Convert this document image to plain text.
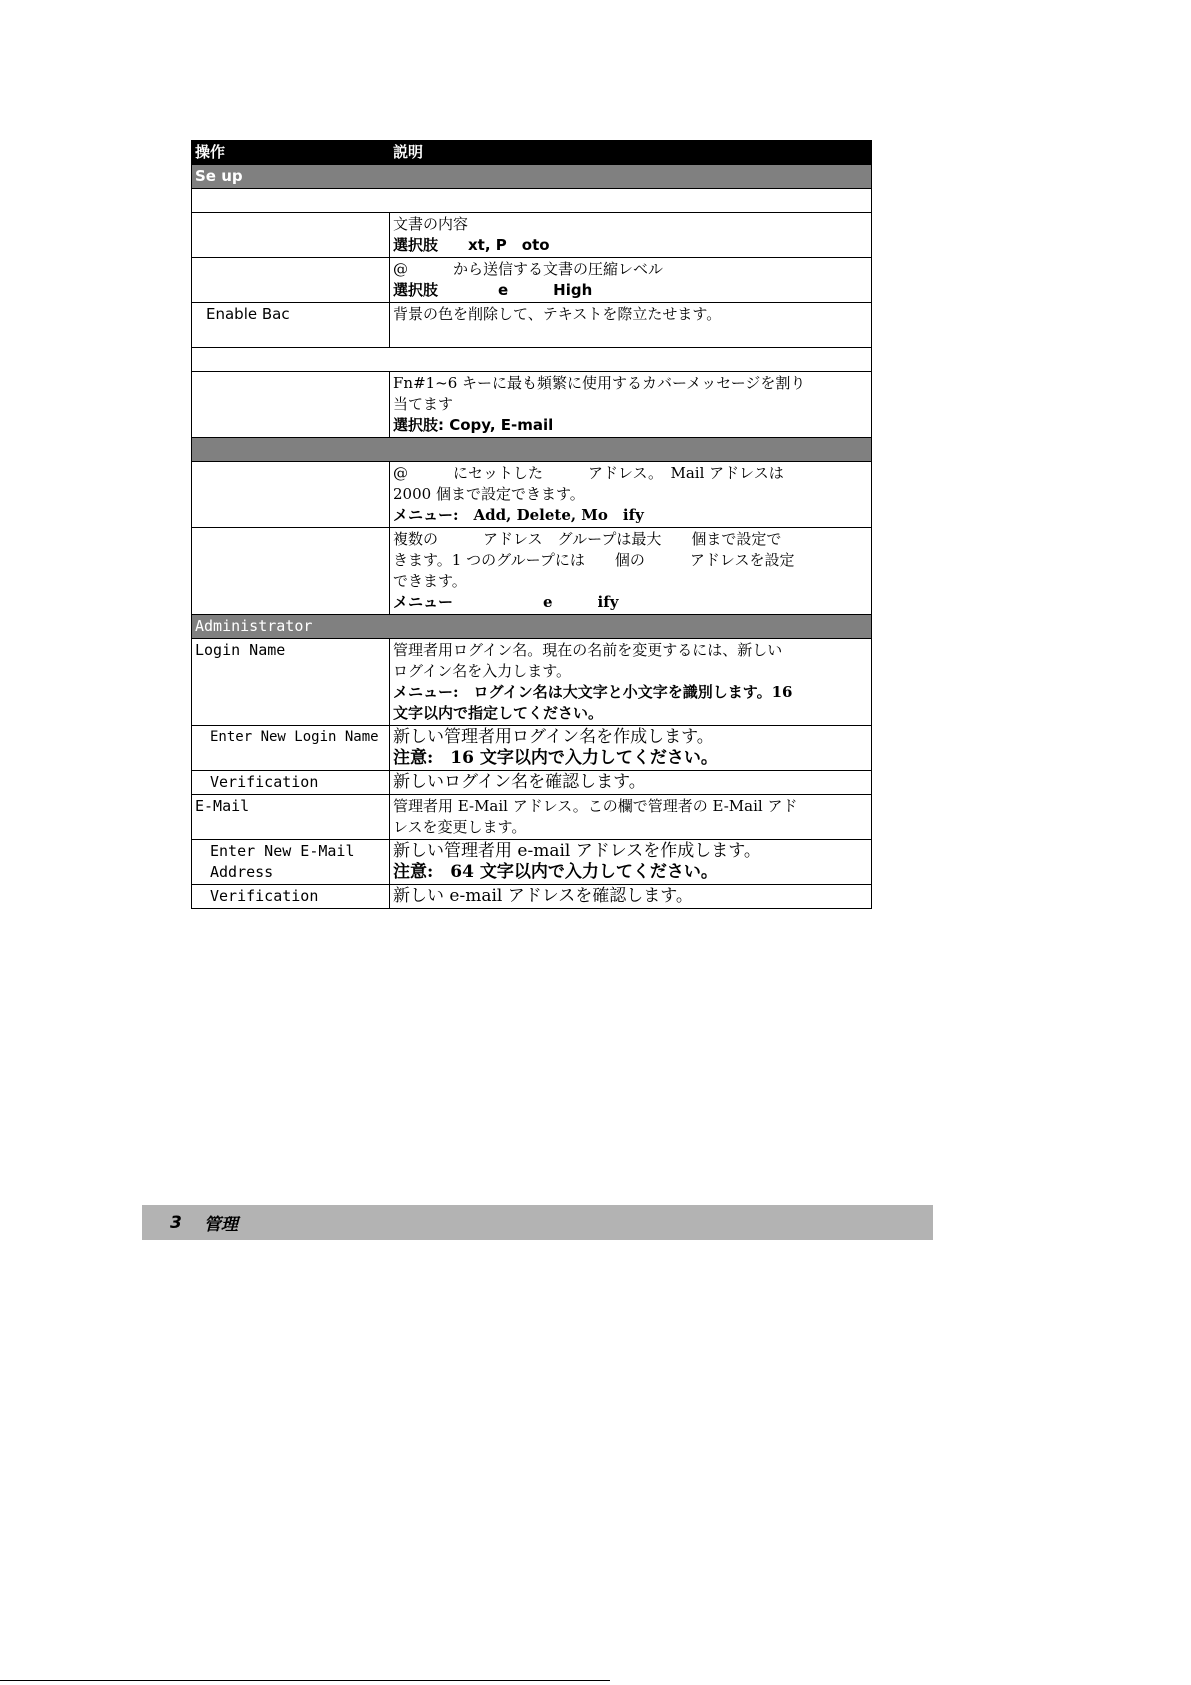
操作	説明
Se up	

	文書の内容
選択肢　　xt, P　oto

	@　　　から送信する文書の圧縮レベル
選択肢　　　　e　　　High

Enable Bac	背景の色を削除して、テキストを際立たせます。

	Fn#1~6 キーに最も頻繁に使用するカバーメッセージを割り
当てます
選択肢: Copy, E-mail

	@　　　にセットした　　　アドレス。　Mail アドレスは
2000 個まで設定できます。
メニュー:　Add, Delete, Mo　ify

	複数の　　　アドレス　グループは最大　　個まで設定で
きます。1 つのグループには　　個の　　　アドレスを設定
できます。
メニュー　　　　　　e　　　ify

Administrator	
Login Name	管理者用ログイン名。現在の名前を変更するには、新しい
ログイン名を入力します。
メニュー:　ログイン名は大文字と小文字を識別します。16
文字以内で指定してください。

Enter New Login Name	新しい管理者用ログイン名を作成します。
注意:　16 文字以内で入力してください。

Verification	新しいログイン名を確認します。

E-Mail	管理者用 E-Mail アドレス。この欄で管理者の E-Mail アド
レスを変更します。

Enter New E-Mail
Address	新しい管理者用 e-mail アドレスを作成します。
注意:　64 文字以内で入力してください。

Verification	新しい e-mail アドレスを確認します。
3 管理
